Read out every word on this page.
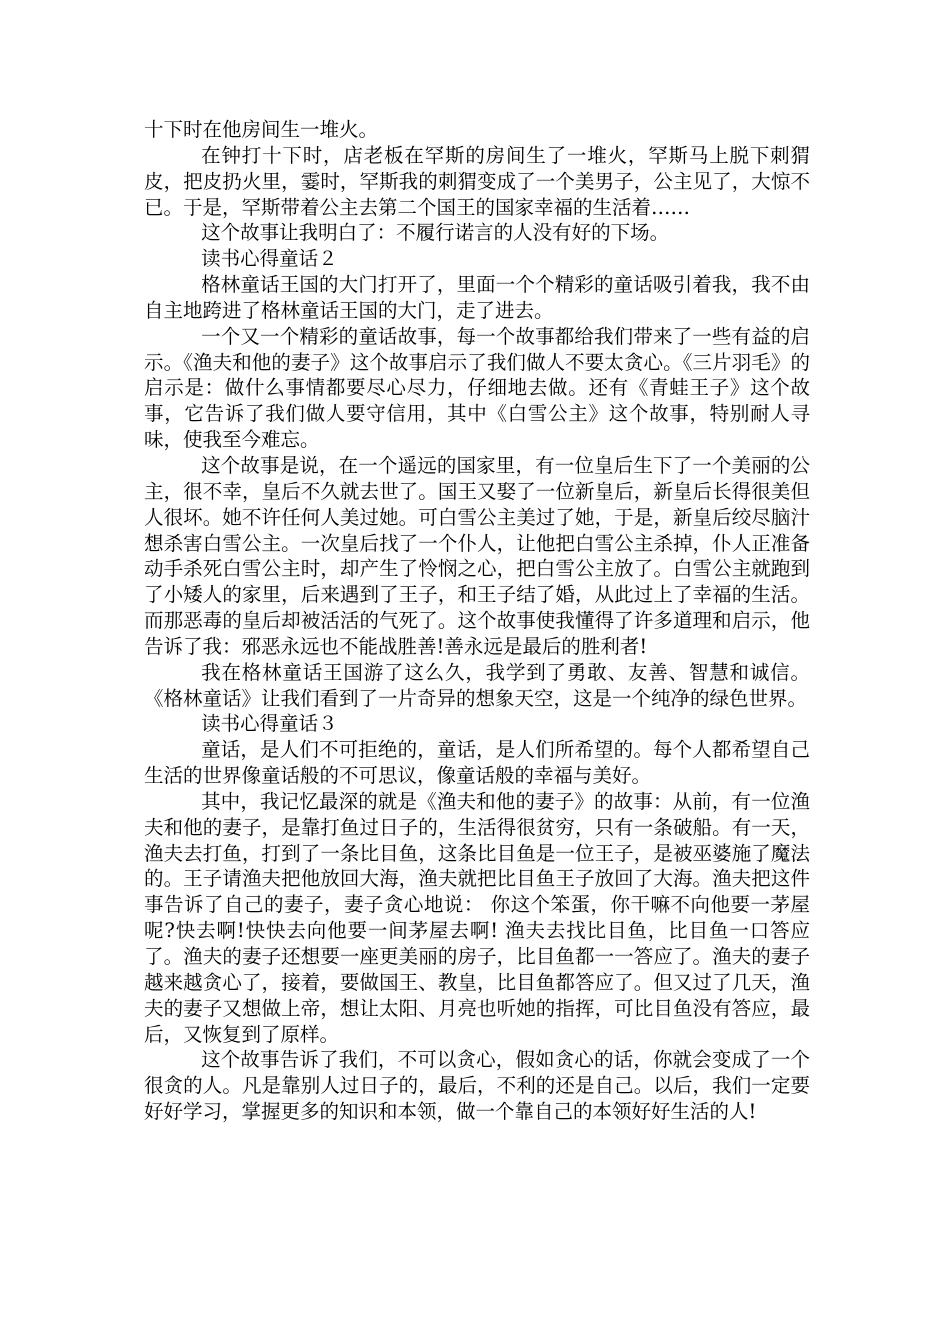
十下时在他房间生一堆火。

在钟打十下时，店老板在罕斯的房间生了一堆火，罕斯马上脱下刺猬皮，把皮扔火里，霎时，罕斯我的刺猬变成了一个美男子，公主见了，大惊不已。于是，罕斯带着公主去第二个国王的国家幸福的生活着……

这个故事让我明白了：不履行诺言的人没有好的下场。

读书心得童话２

格林童话王国的大门打开了，里面一个个精彩的童话吸引着我，我不由自主地跨进了格林童话王国的大门，走了进去。

一个又一个精彩的童话故事，每一个故事都给我们带来了一些有益的启示。《渔夫和他的妻子》这个故事启示了我们做人不要太贪心。《三片羽毛》的启示是：做什么事情都要尽心尽力，仔细地去做。还有《青蛙王子》这个故事，它告诉了我们做人要守信用，其中《白雪公主》这个故事，特别耐人寻味，使我至今难忘。

这个故事是说，在一个遥远的国家里，有一位皇后生下了一个美丽的公主，很不幸，皇后不久就去世了。国王又娶了一位新皇后，新皇后长得很美但人很坏。她不许任何人美过她。可白雪公主美过了她，于是，新皇后绞尽脑汁想杀害白雪公主。一次皇后找了一个仆人，让他把白雪公主杀掉，仆人正准备动手杀死白雪公主时，却产生了怜悯之心，把白雪公主放了。白雪公主就跑到了小矮人的家里，后来遇到了王子，和王子结了婚，从此过上了幸福的生活。而那恶毒的皇后却被活活的气死了。这个故事使我懂得了许多道理和启示，他告诉了我：邪恶永远也不能战胜善!善永远是最后的胜利者!

我在格林童话王国游了这么久，我学到了勇敢、友善、智慧和诚信。《格林童话》让我们看到了一片奇异的想象天空，这是一个纯净的绿色世界。

读书心得童话３

童话，是人们不可拒绝的，童话，是人们所希望的。每个人都希望自己生活的世界像童话般的不可思议，像童话般的幸福与美好。

其中，我记忆最深的就是《渔夫和他的妻子》的故事：从前，有一位渔夫和他的妻子，是靠打鱼过日子的，生活得很贫穷，只有一条破船。有一天，渔夫去打鱼，打到了一条比目鱼，这条比目鱼是一位王子，是被巫婆施了魔法的。王子请渔夫把他放回大海，渔夫就把比目鱼王子放回了大海。渔夫把这件事告诉了自己的妻子，妻子贪心地说： 你这个笨蛋，你干嘛不向他要一茅屋呢?快去啊!快快去向他要一间茅屋去啊! 渔夫去找比目鱼，比目鱼一口答应了。渔夫的妻子还想要一座更美丽的房子，比目鱼都一一答应了。渔夫的妻子越来越贪心了，接着，要做国王、教皇，比目鱼都答应了。但又过了几天，渔夫的妻子又想做上帝，想让太阳、月亮也听她的指挥，可比目鱼没有答应，最后，又恢复到了原样。

这个故事告诉了我们，不可以贪心，假如贪心的话，你就会变成了一个很贪的人。凡是靠别人过日子的，最后，不利的还是自己。以后，我们一定要好好学习，掌握更多的知识和本领，做一个靠自己的本领好好生活的人!
